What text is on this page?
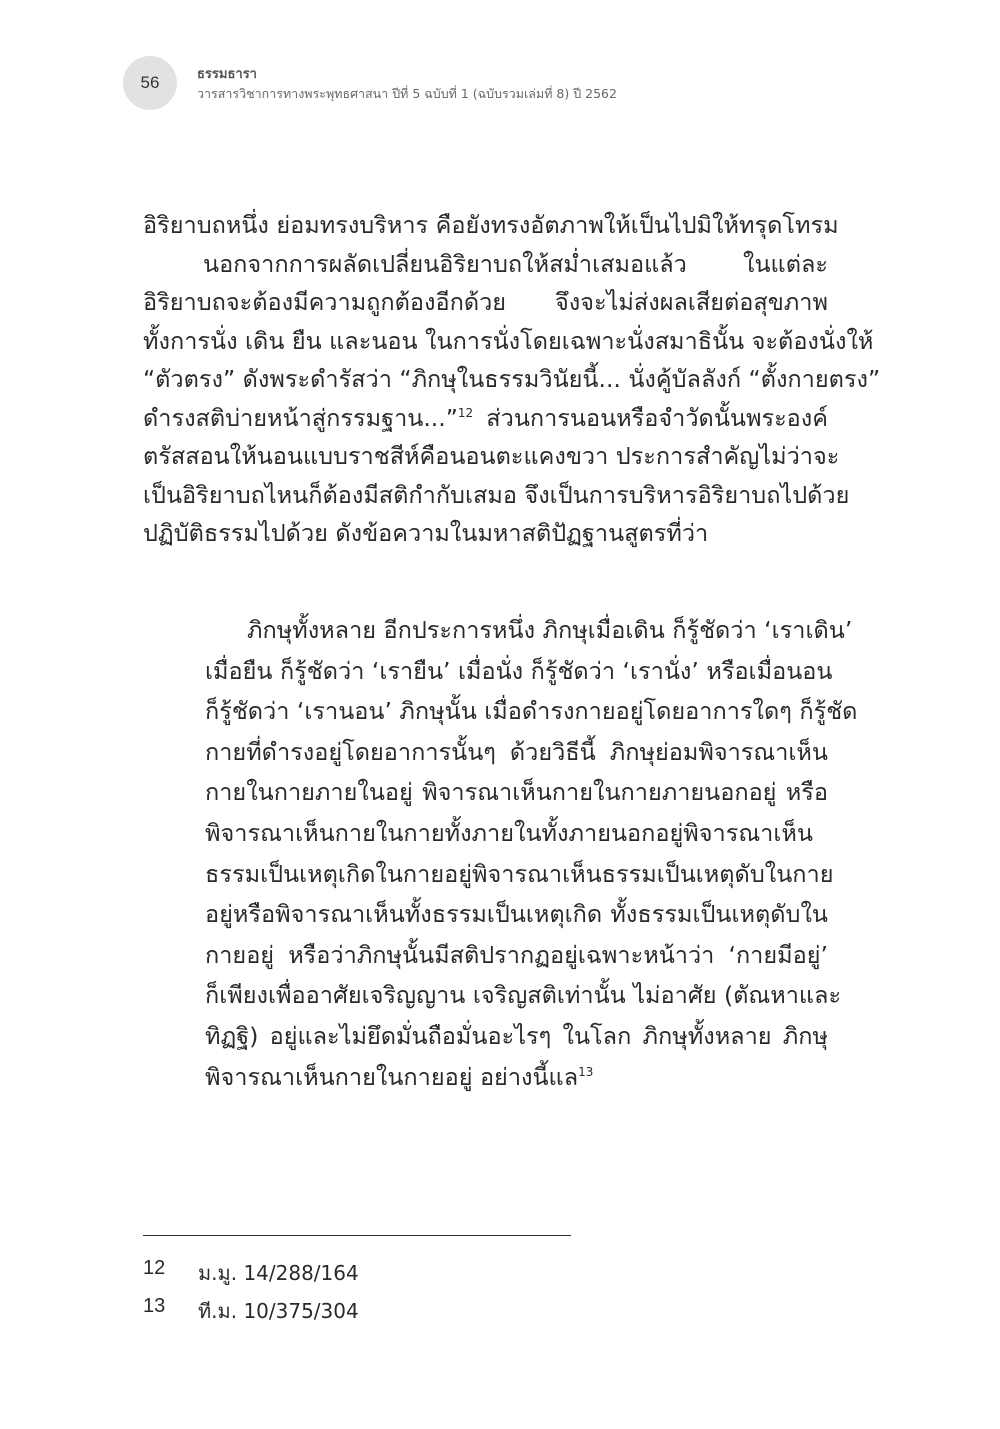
56	ธรรมธารา
วารสารวิชาการทางพระพุทธศาสนา ปีที่ 5 ฉบับที่ 1 (ฉบับรวมเล่มที่ 8) ปี 2562
อิริยาบถหนึ่ง ย่อมทรงบริหาร คือยังทรงอัตภาพให้เป็นไปมิให้ทรุดโทรม
นอกจากการผลัดเปลี่ยนอิริยาบถให้สม่ำเสมอแล้ว ในแต่ละ
อิริยาบถจะต้องมีความถูกต้องอีกด้วย จึงจะไม่ส่งผลเสียต่อสุขภาพ
ทั้งการนั่ง เดิน ยืน และนอน ในการนั่งโดยเฉพาะนั่งสมาธินั้น จะต้องนั่งให้
“ตัวตรง” ดังพระดำรัสว่า “ภิกษุในธรรมวินัยนี้... นั่งคู้บัลลังก์ “ตั้งกายตรง”
ดำรงสติบ่ายหน้าสู่กรรมฐาน...”$^{12}$ ส่วนการนอนหรือจำวัดนั้นพระองค์
ตรัสสอนให้นอนแบบราชสีห์คือนอนตะแคงขวา ประการสำคัญไม่ว่าจะ
เป็นอิริยาบถไหนก็ต้องมีสติกำกับเสมอ จึงเป็นการบริหารอิริยาบถไปด้วย
ปฏิบัติธรรมไปด้วย ดังข้อความในมหาสติปัฏฐานสูตรที่ว่า
ภิกษุทั้งหลาย อีกประการหนึ่ง ภิกษุเมื่อเดิน ก็รู้ชัดว่า ‘เราเดิน’
เมื่อยืน ก็รู้ชัดว่า ‘เรายืน’ เมื่อนั่ง ก็รู้ชัดว่า ‘เรานั่ง’ หรือเมื่อนอน
ก็รู้ชัดว่า ‘เรานอน’ ภิกษุนั้น เมื่อดำรงกายอยู่โดยอาการใดๆ ก็รู้ชัด
กายที่ดำรงอยู่โดยอาการนั้นๆ ด้วยวิธีนี้ ภิกษุย่อมพิจารณาเห็น
กายในกายภายในอยู่ พิจารณาเห็นกายในกายภายนอกอยู่ หรือ
พิจารณาเห็นกายในกายทั้งภายในทั้งภายนอกอยู่พิจารณาเห็น
ธรรมเป็นเหตุเกิดในกายอยู่พิจารณาเห็นธรรมเป็นเหตุดับในกาย
อยู่หรือพิจารณาเห็นทั้งธรรมเป็นเหตุเกิด ทั้งธรรมเป็นเหตุดับใน
กายอยู่ หรือว่าภิกษุนั้นมีสติปรากฏอยู่เฉพาะหน้าว่า ‘กายมีอยู่’
ก็เพียงเพื่ออาศัยเจริญญาน เจริญสติเท่านั้น ไม่อาศัย (ตัณหาและ
ทิฏฐิ) อยู่และไม่ยึดมั่นถือมั่นอะไรๆ ในโลก ภิกษุทั้งหลาย ภิกษุ
พิจารณาเห็นกายในกายอยู่ อย่างนี้แล$^{13}$
12	ม.มู. 14/288/164
13	ที.ม. 10/375/304
